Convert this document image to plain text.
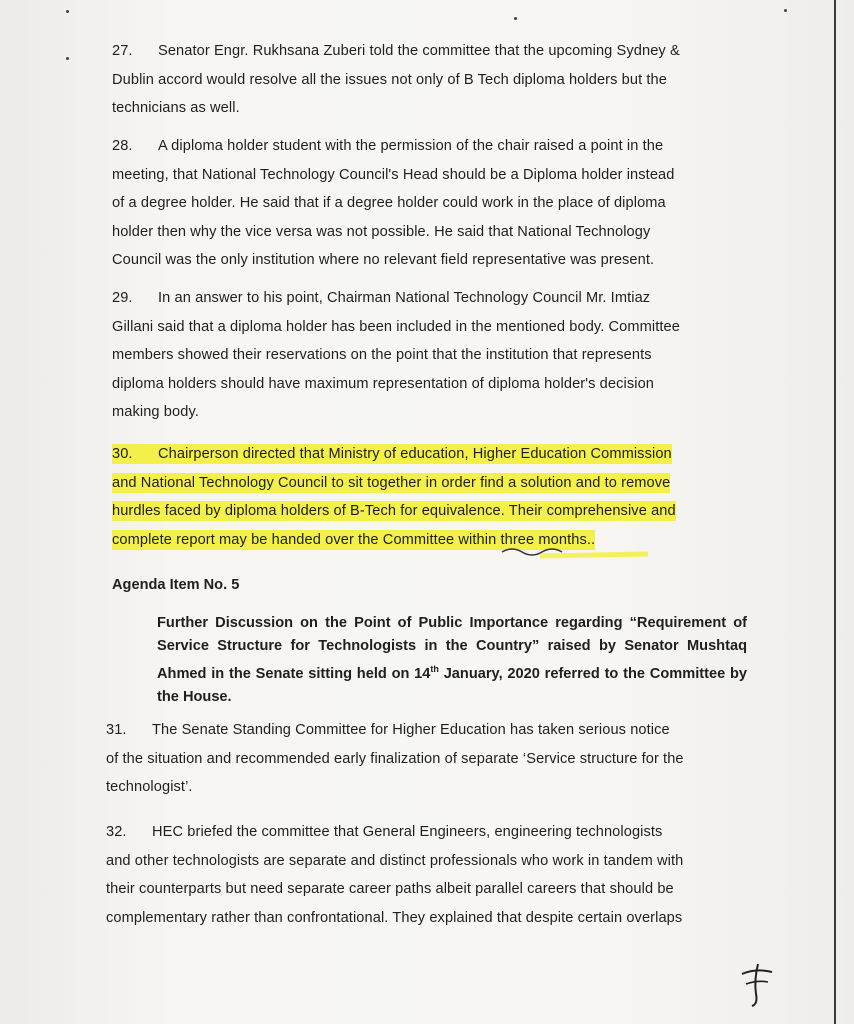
27. Senator Engr. Rukhsana Zuberi told the committee that the upcoming Sydney &
Dublin accord would resolve all the issues not only of B Tech diploma holders but the
technicians as well.
28. A diploma holder student with the permission of the chair raised a point in the
meeting, that National Technology Council's Head should be a Diploma holder instead
of a degree holder. He said that if a degree holder could work in the place of diploma
holder then why the vice versa was not possible. He said that National Technology
Council was the only institution where no relevant field representative was present.
29. In an answer to his point, Chairman National Technology Council Mr. Imtiaz
Gillani said that a diploma holder has been included in the mentioned body. Committee
members showed their reservations on the point that the institution that represents
diploma holders should have maximum representation of diploma holder's decision
making body.
30. Chairperson directed that Ministry of education, Higher Education Commission
and National Technology Council to sit together in order find a solution and to remove
hurdles faced by diploma holders of B-Tech for equivalence. Their comprehensive and
complete report may be handed over the Committee within three months..
Agenda Item No. 5
Further Discussion on the Point of Public Importance regarding “Requirement of Service Structure for Technologists in the Country” raised by Senator Mushtaq Ahmed in the Senate sitting held on 14th January, 2020 referred to the Committee by the House.
31. The Senate Standing Committee for Higher Education has taken serious notice
of the situation and recommended early finalization of separate ‘Service structure for the
technologist’.
32. HEC briefed the committee that General Engineers, engineering technologists
and other technologists are separate and distinct professionals who work in tandem with
their counterparts but need separate career paths albeit parallel careers that should be
complementary rather than confrontational. They explained that despite certain overlaps
